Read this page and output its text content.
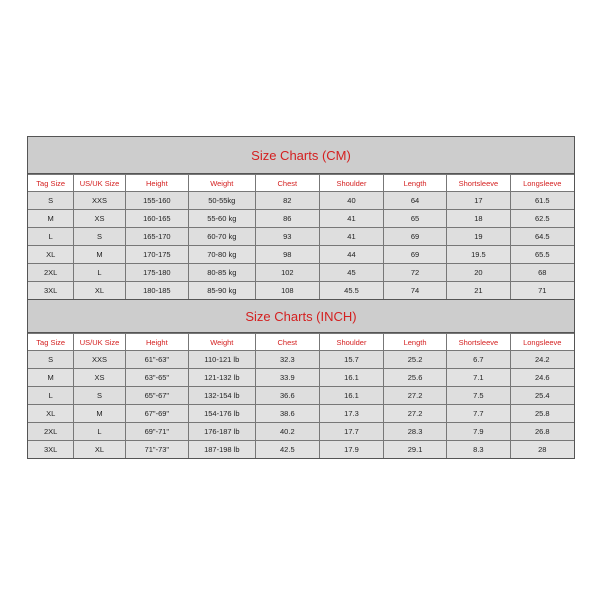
Size Charts (CM)
Tag Size	US/UK Size	Height	Weight	Chest	Shoulder	Length	Shortsleeve	Longsleeve
S	XXS	155-160	50-55kg	82	40	64	17	61.5
M	XS	160-165	55-60 kg	86	41	65	18	62.5
L	S	165-170	60-70 kg	93	41	69	19	64.5
XL	M	170-175	70-80 kg	98	44	69	19.5	65.5
2XL	L	175-180	80-85 kg	102	45	72	20	68
3XL	XL	180-185	85-90 kg	108	45.5	74	21	71
Size Charts (INCH)
Tag Size	US/UK Size	Height	Weight	Chest	Shoulder	Length	Shortsleeve	Longsleeve
S	XXS	61"-63"	110-121 lb	32.3	15.7	25.2	6.7	24.2
M	XS	63"-65"	121-132 lb	33.9	16.1	25.6	7.1	24.6
L	S	65"-67"	132-154 lb	36.6	16.1	27.2	7.5	25.4
XL	M	67"-69"	154-176 lb	38.6	17.3	27.2	7.7	25.8
2XL	L	69"-71"	176-187 lb	40.2	17.7	28.3	7.9	26.8
3XL	XL	71"-73"	187-198 lb	42.5	17.9	29.1	8.3	28
